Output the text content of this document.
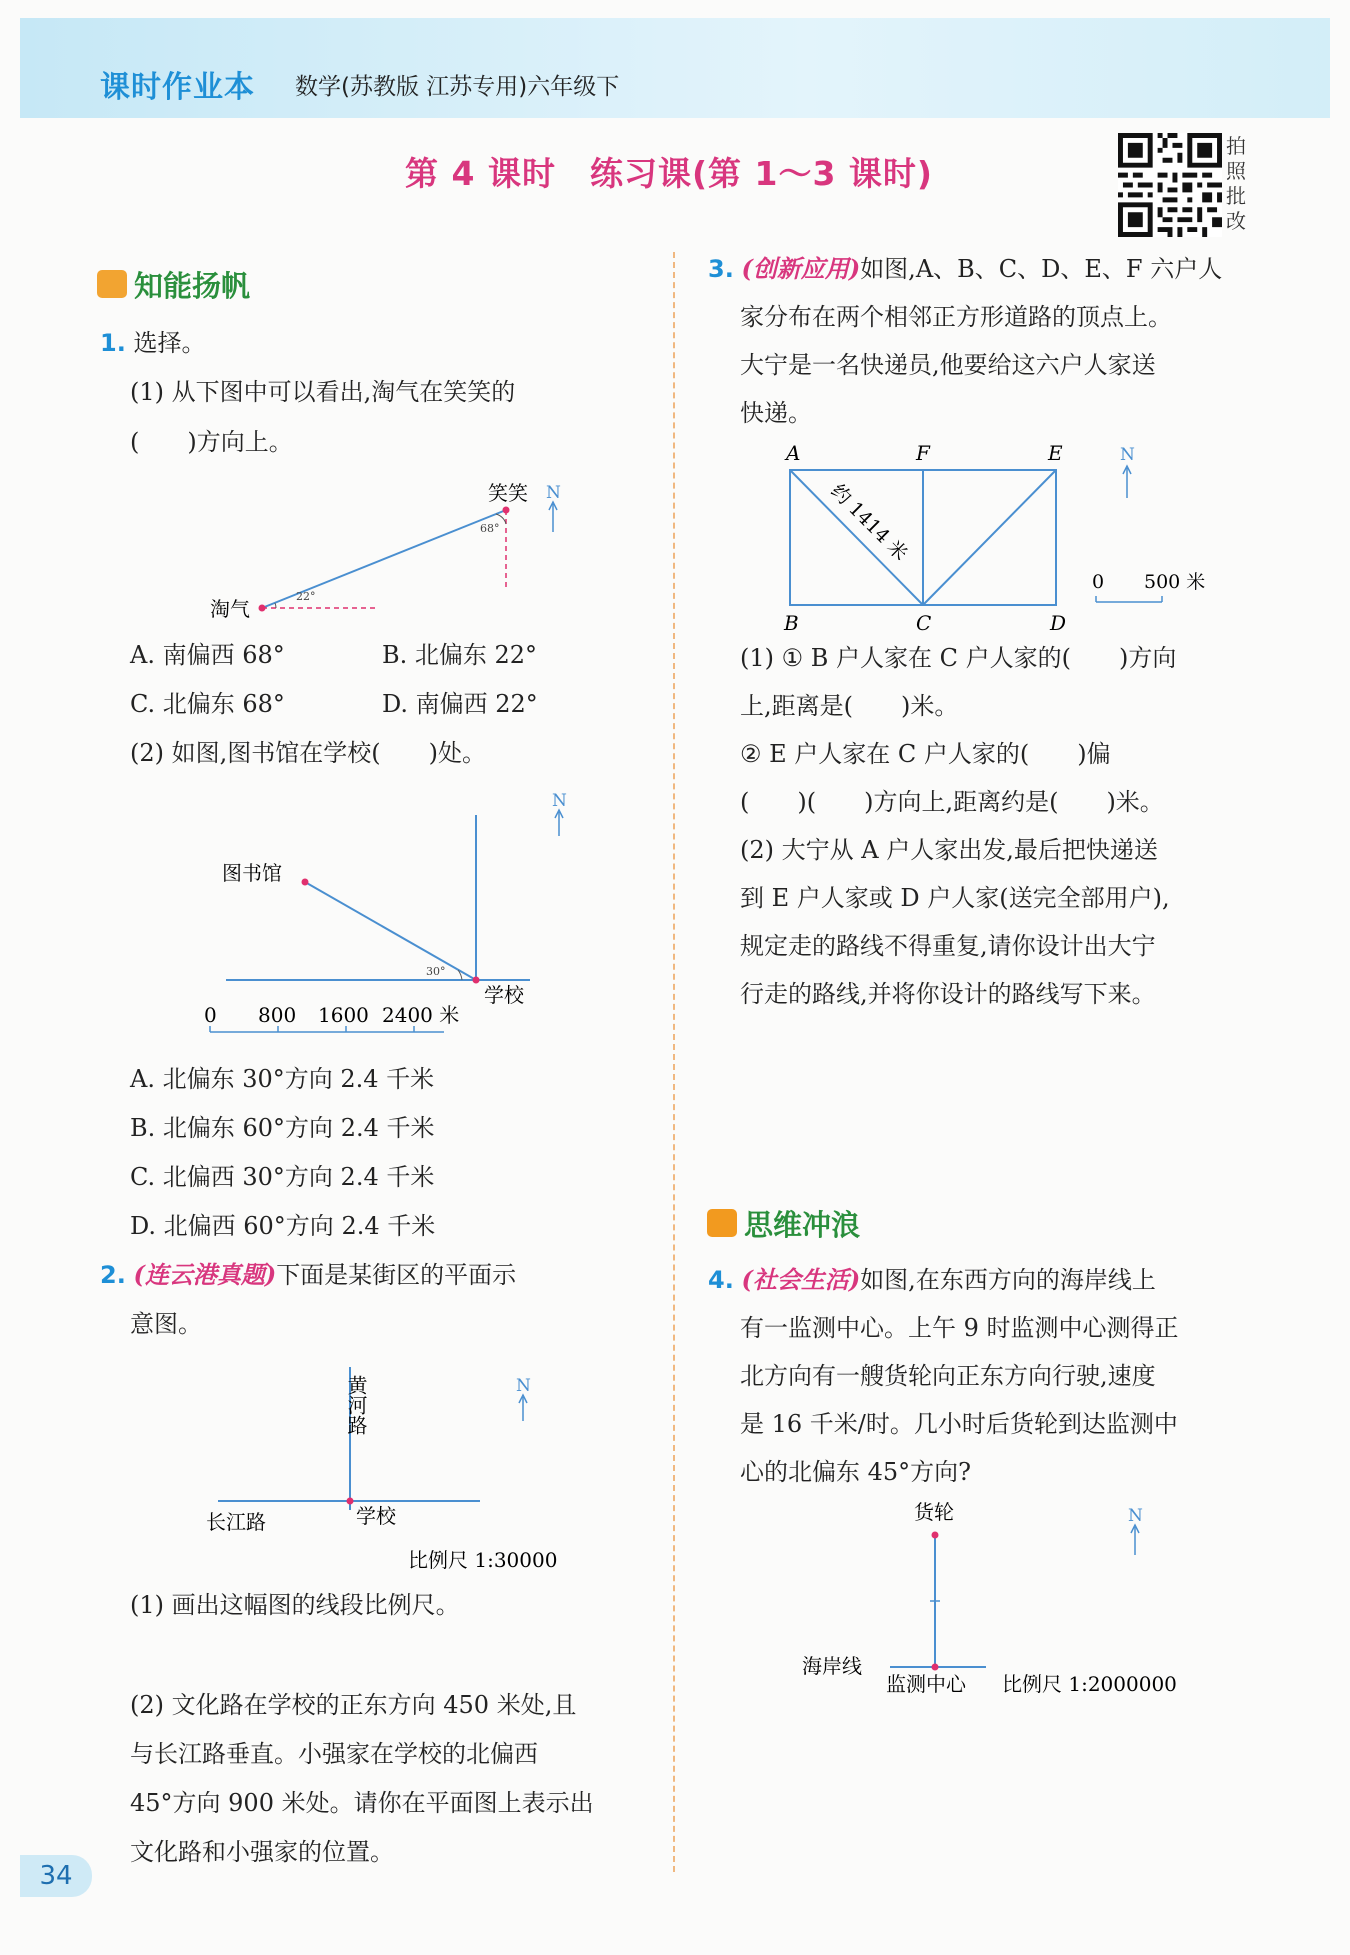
课时作业本 数学(苏教版 江苏专用)六年级下
第 4 课时　练习课(第 1～3 课时)
拍照批改
知能扬帆
1. 选择。
(1) 从下图中可以看出,淘气在笑笑的
(　　)方向上。
笑笑
淘气
68°
22°
N
A. 南偏西 68°	B. 北偏东 22°
C. 北偏东 68°	D. 南偏西 22°
(2) 如图,图书馆在学校(　　)处。
图书馆
学校
30°
N
0 800 1600 2400 米
A. 北偏东 30°方向 2.4 千米
B. 北偏东 60°方向 2.4 千米
C. 北偏西 30°方向 2.4 千米
D. 北偏西 60°方向 2.4 千米
2. (连云港真题)下面是某街区的平面示
意图。
黄河路
长江路	学校
N
比例尺 1:30000
(1) 画出这幅图的线段比例尺。
(2) 文化路在学校的正东方向 450 米处,且
与长江路垂直。小强家在学校的北偏西
45°方向 900 米处。请你在平面图上表示出
文化路和小强家的位置。
3. (创新应用)如图,A、B、C、D、E、F 六户人
家分布在两个相邻正方形道路的顶点上。
大宁是一名快递员,他要给这六户人家送
快递。
A	F	E
B	C	D
约 1414 米
N
0 500 米
(1) ① B 户人家在 C 户人家的(　　)方向
上,距离是(　　)米。
② E 户人家在 C 户人家的(　　)偏
(　　)(　　)方向上,距离约是(　　)米。
(2) 大宁从 A 户人家出发,最后把快递送
到 E 户人家或 D 户人家(送完全部用户),
规定走的路线不得重复,请你设计出大宁
行走的路线,并将你设计的路线写下来。
思维冲浪
4. (社会生活)如图,在东西方向的海岸线上
有一监测中心。上午 9 时监测中心测得正
北方向有一艘货轮向正东方向行驶,速度
是 16 千米/时。几小时后货轮到达监测中
心的北偏东 45°方向?
货轮
海岸线
监测中心 比例尺 1:2000000
N
34
